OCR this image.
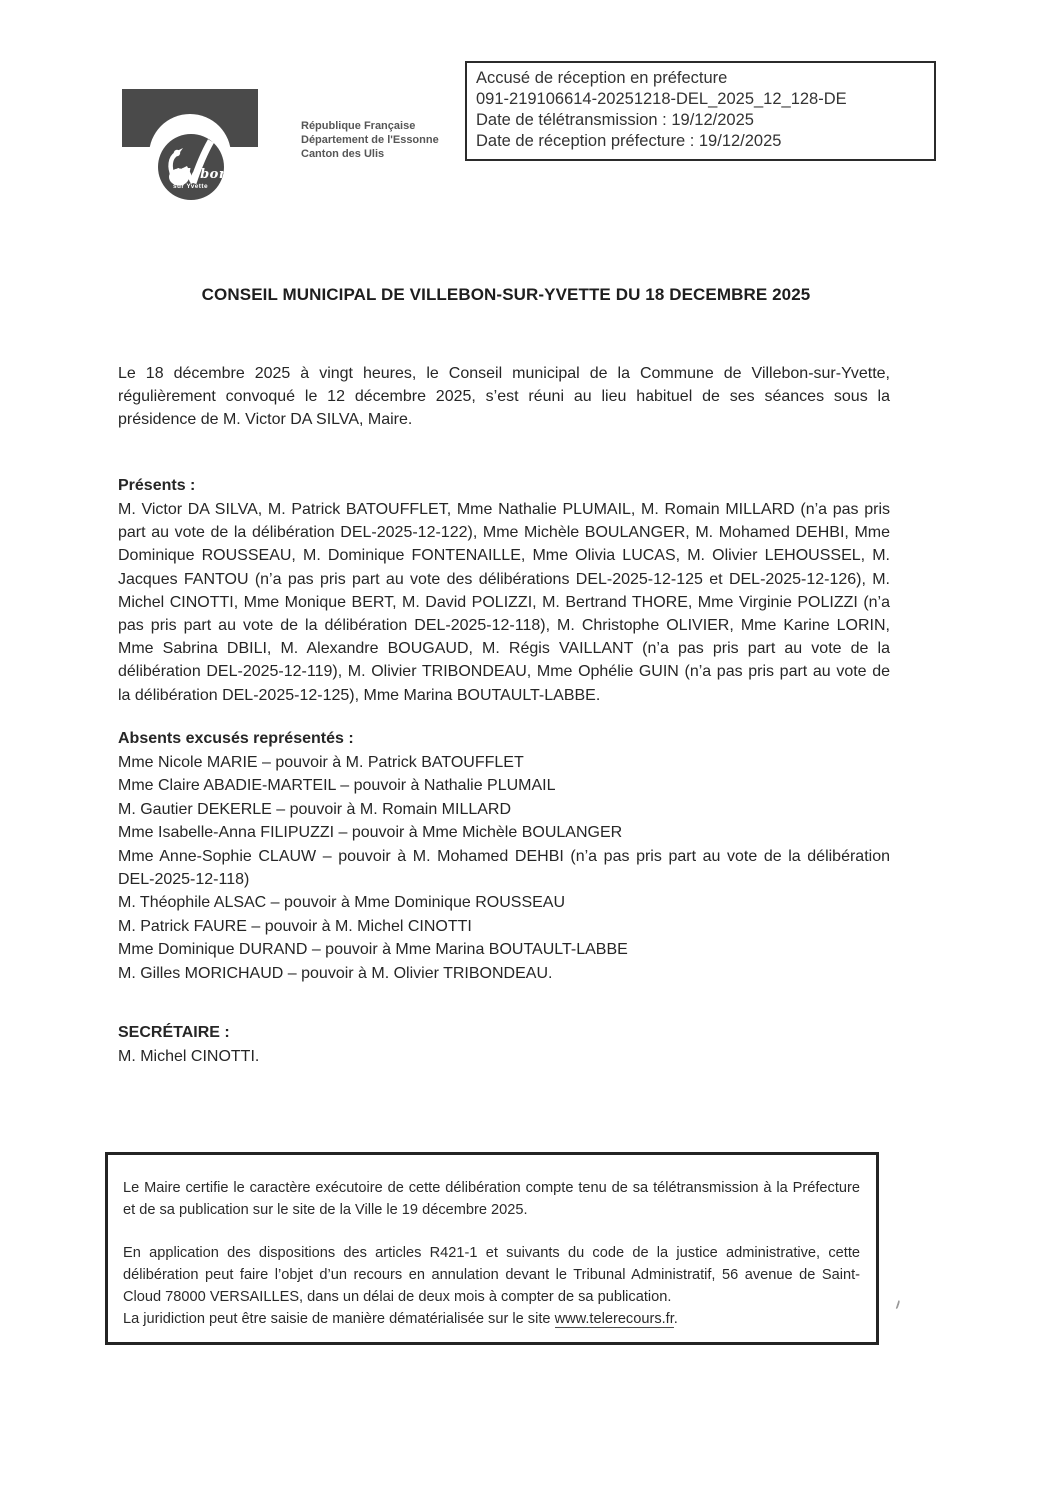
illebon
sur Yvette
République Française
Département de l'Essonne
Canton des Ulis
Accusé de réception en préfecture
091-219106614-20251218-DEL_2025_12_128-DE
Date de télétransmission : 19/12/2025
Date de réception préfecture : 19/12/2025
CONSEIL MUNICIPAL DE VILLEBON-SUR-YVETTE DU 18 DECEMBRE 2025

Le 18 décembre 2025 à vingt heures, le Conseil municipal de la Commune de Villebon-sur-Yvette, régulièrement convoqué le 12 décembre 2025, s’est réuni au lieu habituel de ses séances sous la présidence de M. Victor DA SILVA, Maire.

Présents :

M. Victor DA SILVA, M. Patrick BATOUFFLET, Mme Nathalie PLUMAIL, M. Romain MILLARD (n’a pas pris part au vote de la délibération DEL-2025-12-122), Mme Michèle BOULANGER, M. Mohamed DEHBI, Mme Dominique ROUSSEAU, M. Dominique FONTENAILLE, Mme Olivia LUCAS, M. Olivier LEHOUSSEL, M. Jacques FANTOU (n’a pas pris part au vote des délibérations DEL-2025-12-125 et DEL-2025-12-126), M. Michel CINOTTI, Mme Monique BERT, M. David POLIZZI, M. Bertrand THORE, Mme Virginie POLIZZI (n’a pas pris part au vote de la délibération DEL-2025-12-118), M. Christophe OLIVIER, Mme Karine LORIN, Mme Sabrina DBILI, M. Alexandre BOUGAUD, M. Régis VAILLANT (n’a pas pris part au vote de la délibération DEL-2025-12-119), M. Olivier TRIBONDEAU, Mme Ophélie GUIN (n’a pas pris part au vote de la délibération DEL-2025-12-125), Mme Marina BOUTAULT-LABBE.

Absents excusés représentés :

Mme Nicole MARIE – pouvoir à M. Patrick BATOUFFLET

Mme Claire ABADIE-MARTEIL – pouvoir à Nathalie PLUMAIL

M. Gautier DEKERLE – pouvoir à M. Romain MILLARD

Mme Isabelle-Anna FILIPUZZI – pouvoir à Mme Michèle BOULANGER

Mme Anne-Sophie CLAUW – pouvoir à M. Mohamed DEHBI (n’a pas pris part au vote de la délibération DEL-2025-12-118)

M. Théophile ALSAC – pouvoir à Mme Dominique ROUSSEAU

M. Patrick FAURE – pouvoir à M. Michel CINOTTI

Mme Dominique DURAND – pouvoir à Mme Marina BOUTAULT-LABBE

M. Gilles MORICHAUD – pouvoir à M. Olivier TRIBONDEAU.

SECRÉTAIRE :
M. Michel CINOTTI.

Le Maire certifie le caractère exécutoire de cette délibération compte tenu de sa télétransmission à la Préfecture et de sa publication sur le site de la Ville le 19 décembre 2025.

En application des dispositions des articles R421-1 et suivants du code de la justice administrative, cette délibération peut faire l’objet d’un recours en annulation devant le Tribunal Administratif, 56 avenue de Saint-Cloud 78000 VERSAILLES, dans un délai de deux mois à compter de sa publication.

La juridiction peut être saisie de manière dématérialisée sur le site www.telerecours.fr.
